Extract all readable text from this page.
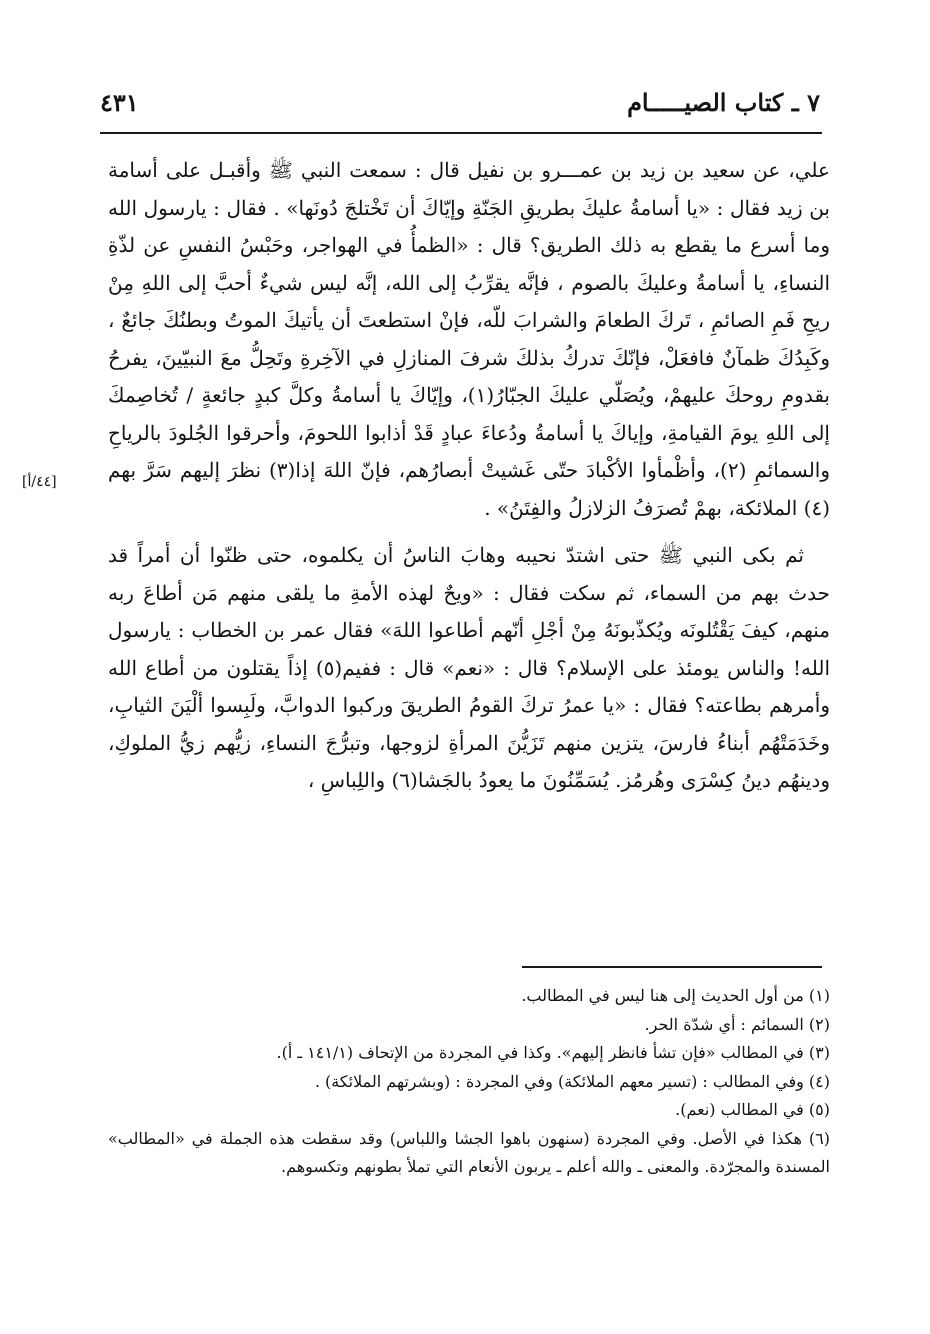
٧ ـ كتاب الصيـــــام
٤٣١
[٤٤/أ]

علي، عن سعيد بن زيد بن عمـــرو بن نفيل قال : سمعت النبي ﷺ وأقبـل على أسامة بن زيد فقال : «يا أسامةُ عليكَ بطريقِ الجَنّةِ وإيّاكَ أن تَخْتلجَ دُونَها» . فقال : يارسول الله وما أسرع ما يقطع به ذلك الطريق؟ قال : «الظمأُ في الهواجر، وحَبْسُ النفسِ عن لذّةِ النساءِ، يا أسامةُ وعليكَ بالصوم ، فإنَّه يقرِّبُ إلى الله، إنَّه ليس شيءٌ أحبَّ إلى اللهِ مِنْ ريحِ فَمِ الصائمِ ، تَركَ الطعامَ والشرابَ للّه، فإنْ استطعتَ أن يأتيكَ الموتُ وبطنُكَ جائعٌ ، وكَبِدُكَ ظمآنٌ فافعَلْ، فإنّكَ تدركُ بذلكَ شرفَ المنازلِ في الآخِرةِ وتَحِلُّ معَ النبيّينَ، يفرحُ بقدومِ روحكَ عليهمْ، ويُصَلّي عليكَ الجبّارُ(١)، وإيّاكَ يا أسامةُ وكلَّ كبدٍ جائعةٍ / تُخاصِمكَ إلى اللهِ يومَ القيامةِ، وإياكَ يا أسامةُ ودُعاءَ عبادٍ قَدْ أذابوا اللحومَ، وأحرقوا الجُلودَ بالرياحِ والسمائمِ (٢)، وأظْمأوا الأكْبادَ حتّى غَشيتْ أبصارُهم، فإنّ اللهَ إذا(٣) نظرَ إليهم سَرَّ بهم (٤) الملائكة، بهمْ تُصرَفُ الزلازلُ والفِتَنُ» .

ثم بكى النبي ﷺ حتى اشتدّ نحيبه وهابَ الناسُ أن يكلموه، حتى ظنّوا أن أمراً قد حدث بهم من السماء، ثم سكت فقال : «ويحٌ لهذه الأمةِ ما يلقى منهم مَن أطاعَ ربه منهم، كيفَ يَقْتُلونَه ويُكذّبونَهُ مِنْ أجْلِ أنّهم أطاعوا اللهَ» فقال عمر بن الخطاب : يارسول الله! والناس يومئذ على الإسلام؟ قال : «نعم» قال : ففيم(٥) إذاً يقتلون من أطاع الله وأمرهم بطاعته؟ فقال : «يا عمرُ تركَ القومُ الطريقَ وركبوا الدوابَّ، ولَبِسوا ألْيَنَ الثيابِ، وخَدَمَتْهُم أبناءُ فارسَ، يتزين منهم تَزَيُّنَ المرأةِ لزوجها، وتبرُّجَ النساءِ، زيُّهم زيُّ الملوكِ، ودينهُم دينُ كِسْرَى وهُرمُز. يُسَمِّنُونَ ما يعودُ بالجَشا(٦) واللِباسِ ،

(١) من أول الحديث إلى هنا ليس في المطالب.

(٢) السمائم : أي شدّة الحر.

(٣) في المطالب «فإن تشأ فانظر إليهم». وكذا في المجردة من الإتحاف (١٤١/١ ـ أ).

(٤) وفي المطالب : (تسير معهم الملائكة) وفي المجردة : (وبشرتهم الملائكة) .

(٥) في المطالب (نعم).

(٦) هكذا في الأصل. وفي المجردة (سنهون باهوا الجشا واللباس) وقد سقطت هذه الجملة في «المطالب» المسندة والمجرّدة. والمعنى ـ والله أعلم ـ يربون الأنعام التي تملأ بطونهم وتكسوهم.
